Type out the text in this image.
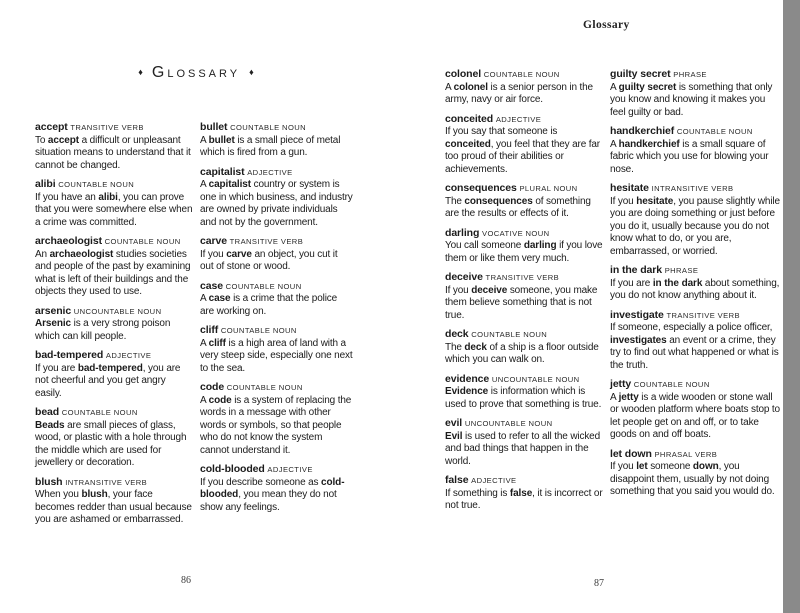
♦ Glossary ♦
accept TRANSITIVE VERB
To accept a difficult or unpleasant situation means to understand that it cannot be changed.
alibi COUNTABLE NOUN
If you have an alibi, you can prove that you were somewhere else when a crime was committed.
archaeologist COUNTABLE NOUN
An archaeologist studies societies and people of the past by examining what is left of their buildings and the objects they used to use.
arsenic UNCOUNTABLE NOUN
Arsenic is a very strong poison which can kill people.
bad-tempered ADJECTIVE
If you are bad-tempered, you are not cheerful and you get angry easily.
bead COUNTABLE NOUN
Beads are small pieces of glass, wood, or plastic with a hole through the middle which are used for jewellery or decoration.
blush INTRANSITIVE VERB
When you blush, your face becomes redder than usual because you are ashamed or embarrassed.
bullet COUNTABLE NOUN
A bullet is a small piece of metal which is fired from a gun.
capitalist ADJECTIVE
A capitalist country or system is one in which business, and industry are owned by private individuals and not by the government.
carve TRANSITIVE VERB
If you carve an object, you cut it out of stone or wood.
case COUNTABLE NOUN
A case is a crime that the police are working on.
cliff COUNTABLE NOUN
A cliff is a high area of land with a very steep side, especially one next to the sea.
code COUNTABLE NOUN
A code is a system of replacing the words in a message with other words or symbols, so that people who do not know the system cannot understand it.
cold-blooded ADJECTIVE
If you describe someone as cold-blooded, you mean they do not show any feelings.
86
Glossary
colonel COUNTABLE NOUN
A colonel is a senior person in the army, navy or air force.
conceited ADJECTIVE
If you say that someone is conceited, you feel that they are far too proud of their abilities or achievements.
consequences PLURAL NOUN
The consequences of something are the results or effects of it.
darling VOCATIVE NOUN
You call someone darling if you love them or like them very much.
deceive TRANSITIVE VERB
If you deceive someone, you make them believe something that is not true.
deck COUNTABLE NOUN
The deck of a ship is a floor outside which you can walk on.
evidence UNCOUNTABLE NOUN
Evidence is information which is used to prove that something is true.
evil UNCOUNTABLE NOUN
Evil is used to refer to all the wicked and bad things that happen in the world.
false ADJECTIVE
If something is false, it is incorrect or not true.
guilty secret PHRASE
A guilty secret is something that only you know and knowing it makes you feel guilty or bad.
handkerchief COUNTABLE NOUN
A handkerchief is a small square of fabric which you use for blowing your nose.
hesitate INTRANSITIVE VERB
If you hesitate, you pause slightly while you are doing something or just before you do it, usually because you do not know what to do, or you are, embarrassed, or worried.
in the dark PHRASE
If you are in the dark about something, you do not know anything about it.
investigate TRANSITIVE VERB
If someone, especially a police officer, investigates an event or a crime, they try to find out what happened or what is the truth.
jetty COUNTABLE NOUN
A jetty is a wide wooden or stone wall or wooden platform where boats stop to let people get on and off, or to take goods on and off boats.
let down PHRASAL VERB
If you let someone down, you disappoint them, usually by not doing something that you said you would do.
87
